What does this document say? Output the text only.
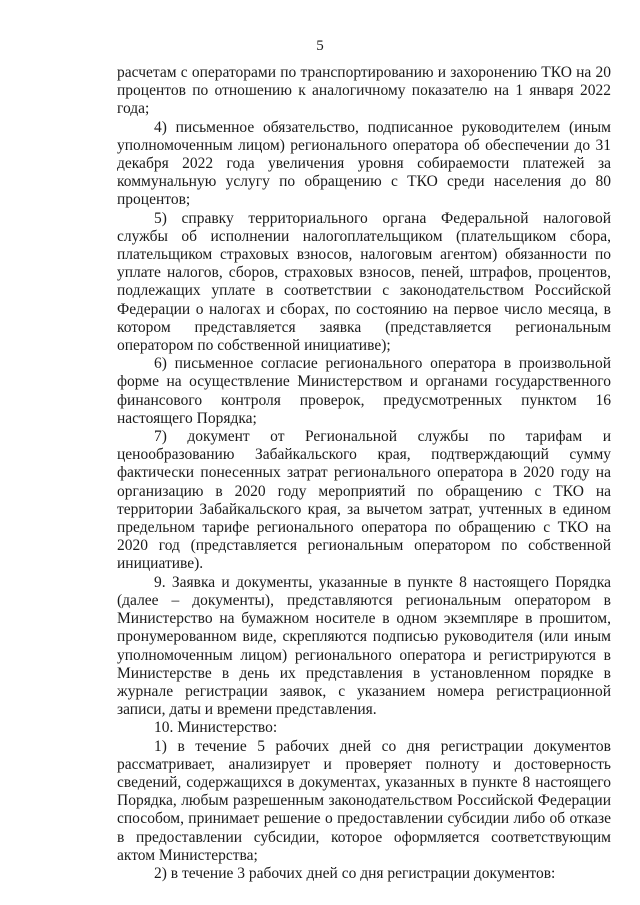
5

расчетам с операторами по транспортированию и захоронению ТКО на 20 процентов по отношению к аналогичному показателю на 1 января 2022 года;

4) письменное обязательство, подписанное руководителем (иным уполномоченным лицом) регионального оператора об обеспечении до 31 декабря 2022 года увеличения уровня собираемости платежей за коммунальную услугу по обращению с ТКО среди населения до 80 процентов;

5) справку территориального органа Федеральной налоговой службы об исполнении налогоплательщиком (плательщиком сбора, плательщиком страховых взносов, налоговым агентом) обязанности по уплате налогов, сборов, страховых взносов, пеней, штрафов, процентов, подлежащих уплате в соответствии с законодательством Российской Федерации о налогах и сборах, по состоянию на первое число месяца, в котором представляется заявка (представляется региональным оператором по собственной инициативе);

6) письменное согласие регионального оператора в произвольной форме на осуществление Министерством и органами государственного финансового контроля проверок, предусмотренных пунктом 16 настоящего Порядка;

7) документ от Региональной службы по тарифам и ценообразованию Забайкальского края, подтверждающий сумму фактически понесенных затрат регионального оператора в 2020 году на организацию в 2020 году мероприятий по обращению с ТКО на территории Забайкальского края, за вычетом затрат, учтенных в едином предельном тарифе регионального оператора по обращению с ТКО на 2020 год (представляется региональным оператором по собственной инициативе).

9. Заявка и документы, указанные в пункте 8 настоящего Порядка (далее – документы), представляются региональным оператором в Министерство на бумажном носителе в одном экземпляре в прошитом, пронумерованном виде, скрепляются подписью руководителя (или иным уполномоченным лицом) регионального оператора и регистрируются в Министерстве в день их представления в установленном порядке в журнале регистрации заявок, с указанием номера регистрационной записи, даты и времени представления.

10. Министерство:

1) в течение 5 рабочих дней со дня регистрации документов рассматривает, анализирует и проверяет полноту и достоверность сведений, содержащихся в документах, указанных в пункте 8 настоящего Порядка, любым разрешенным законодательством Российской Федерации способом, принимает решение о предоставлении субсидии либо об отказе в предоставлении субсидии, которое оформляется соответствующим актом Министерства;

2) в течение 3 рабочих дней со дня регистрации документов:
